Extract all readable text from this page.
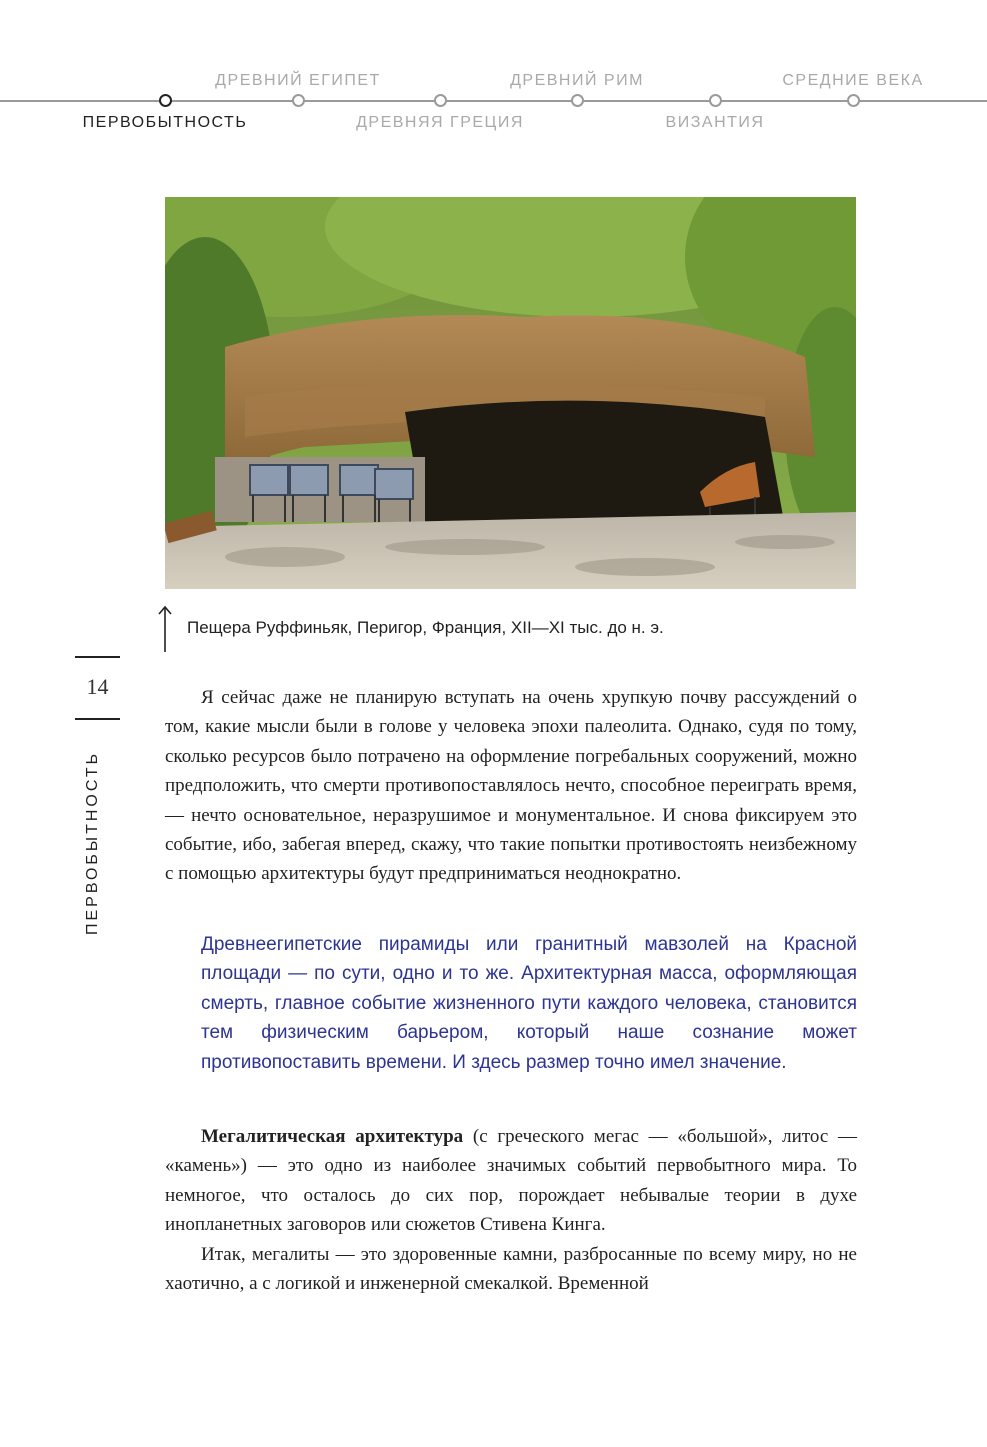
ПЕРВОБЫТНОСТЬ
ДРЕВНИЙ ЕГИПЕТ
ДРЕВНЯЯ ГРЕЦИЯ
ДРЕВНИЙ РИМ
ВИЗАНТИЯ
СРЕДНИЕ ВЕКА
Пещера Руффиньяк, Перигор, Франция, XII—XI тыс. до н. э.
14
ПЕРВОБЫТНОСТЬ

Я сейчас даже не планирую вступать на очень хрупкую почву рассуждений о том, какие мысли были в голове у человека эпохи палеолита. Однако, судя по тому, сколько ресурсов было потрачено на оформление погребальных сооружений, можно предположить, что смерти противопоставлялось нечто, способное переиграть время, — нечто основательное, неразрушимое и монументальное. И снова фиксируем это событие, ибо, забегая вперед, скажу, что такие попытки противостоять неизбежному с помощью архитектуры будут предприниматься неоднократно.

Древнеегипетские пирамиды или гранитный мавзолей на Красной площади — по сути, одно и то же. Архитектурная масса, оформляющая смерть, главное событие жизненного пути каждого человека, становится тем физическим барьером, который наше сознание может противопоставить времени. И здесь размер точно имел значение.

Мегалитическая архитектура (с греческого мегас — «большой», литос — «камень») — это одно из наиболее значимых событий первобытного мира. То немногое, что осталось до сих пор, порождает небывалые теории в духе инопланетных заговоров или сюжетов Стивена Кинга.

Итак, мегалиты — это здоровенные камни, разбросанные по всему миру, но не хаотично, а с логикой и инженерной смекалкой. Временной
